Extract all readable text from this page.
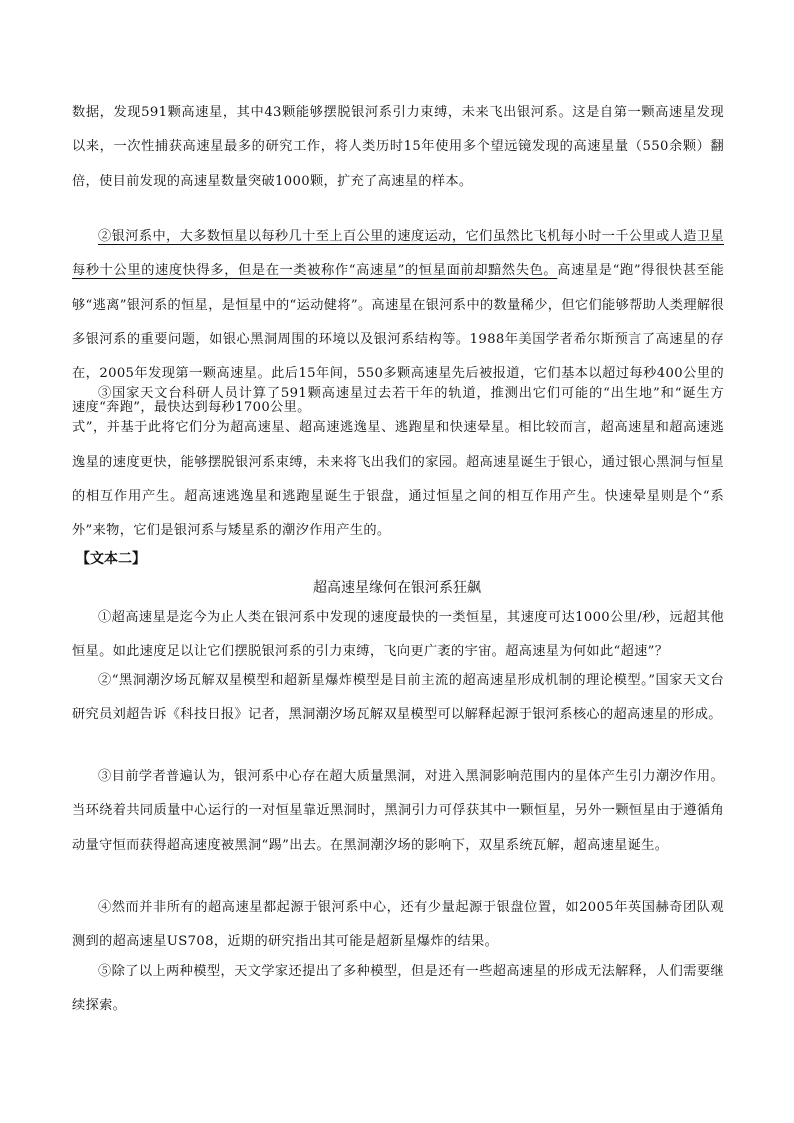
数据，发现591颗高速星，其中43颗能够摆脱银河系引力束缚，未来飞出银河系。这是自第一颗高速星发现以来，一次性捕获高速星最多的研究工作，将人类历时15年使用多个望远镜发现的高速星量（550余颗）翻倍，使目前发现的高速星数量突破1000颗，扩充了高速星的样本。

②银河系中，大多数恒星以每秒几十至上百公里的速度运动，它们虽然比飞机每小时一千公里或人造卫星每秒十公里的速度快得多，但是在一类被称作“高速星”的恒星面前却黯然失色。高速星是“跑”得很快甚至能够“逃离”银河系的恒星，是恒星中的“运动健将”。高速星在银河系中的数量稀少，但它们能够帮助人类理解很多银河系的重要问题，如银心黑洞周围的环境以及银河系结构等。1988年美国学者希尔斯预言了高速星的存在，2005年发现第一颗高速星。此后15年间，550多颗高速星先后被报道，它们基本以超过每秒400公里的速度“奔跑”，最快达到每秒1700公里。

③国家天文台科研人员计算了591颗高速星过去若干年的轨道，推测出它们可能的“出生地”和“诞生方式”，并基于此将它们分为超高速星、超高速逃逸星、逃跑星和快速晕星。相比较而言，超高速星和超高速逃逸星的速度更快，能够摆脱银河系束缚，未来将飞出我们的家园。超高速星诞生于银心，通过银心黑洞与恒星的相互作用产生。超高速逃逸星和逃跑星诞生于银盘，通过恒星之间的相互作用产生。快速晕星则是个“系外”来物，它们是银河系与矮星系的潮汐作用产生的。

【文本二】

超高速星缘何在银河系狂飙

①超高速星是迄今为止人类在银河系中发现的速度最快的一类恒星，其速度可达1000公里/秒，远超其他恒星。如此速度足以让它们摆脱银河系的引力束缚，飞向更广袤的宇宙。超高速星为何如此“超速”？

②“黑洞潮汐场瓦解双星模型和超新星爆炸模型是目前主流的超高速星形成机制的理论模型。”国家天文台研究员刘超告诉《科技日报》记者，黑洞潮汐场瓦解双星模型可以解释起源于银河系核心的超高速星的形成。

③目前学者普遍认为，银河系中心存在超大质量黑洞，对进入黑洞影响范围内的星体产生引力潮汐作用。当环绕着共同质量中心运行的一对恒星靠近黑洞时，黑洞引力可俘获其中一颗恒星，另外一颗恒星由于遵循角动量守恒而获得超高速度被黑洞“踢”出去。在黑洞潮汐场的影响下，双星系统瓦解，超高速星诞生。

④然而并非所有的超高速星都起源于银河系中心，还有少量起源于银盘位置，如2005年英国赫奇团队观测到的超高速星US708，近期的研究指出其可能是超新星爆炸的结果。

⑤除了以上两种模型，天文学家还提出了多种模型，但是还有一些超高速星的形成无法解释，人们需要继续探索。
